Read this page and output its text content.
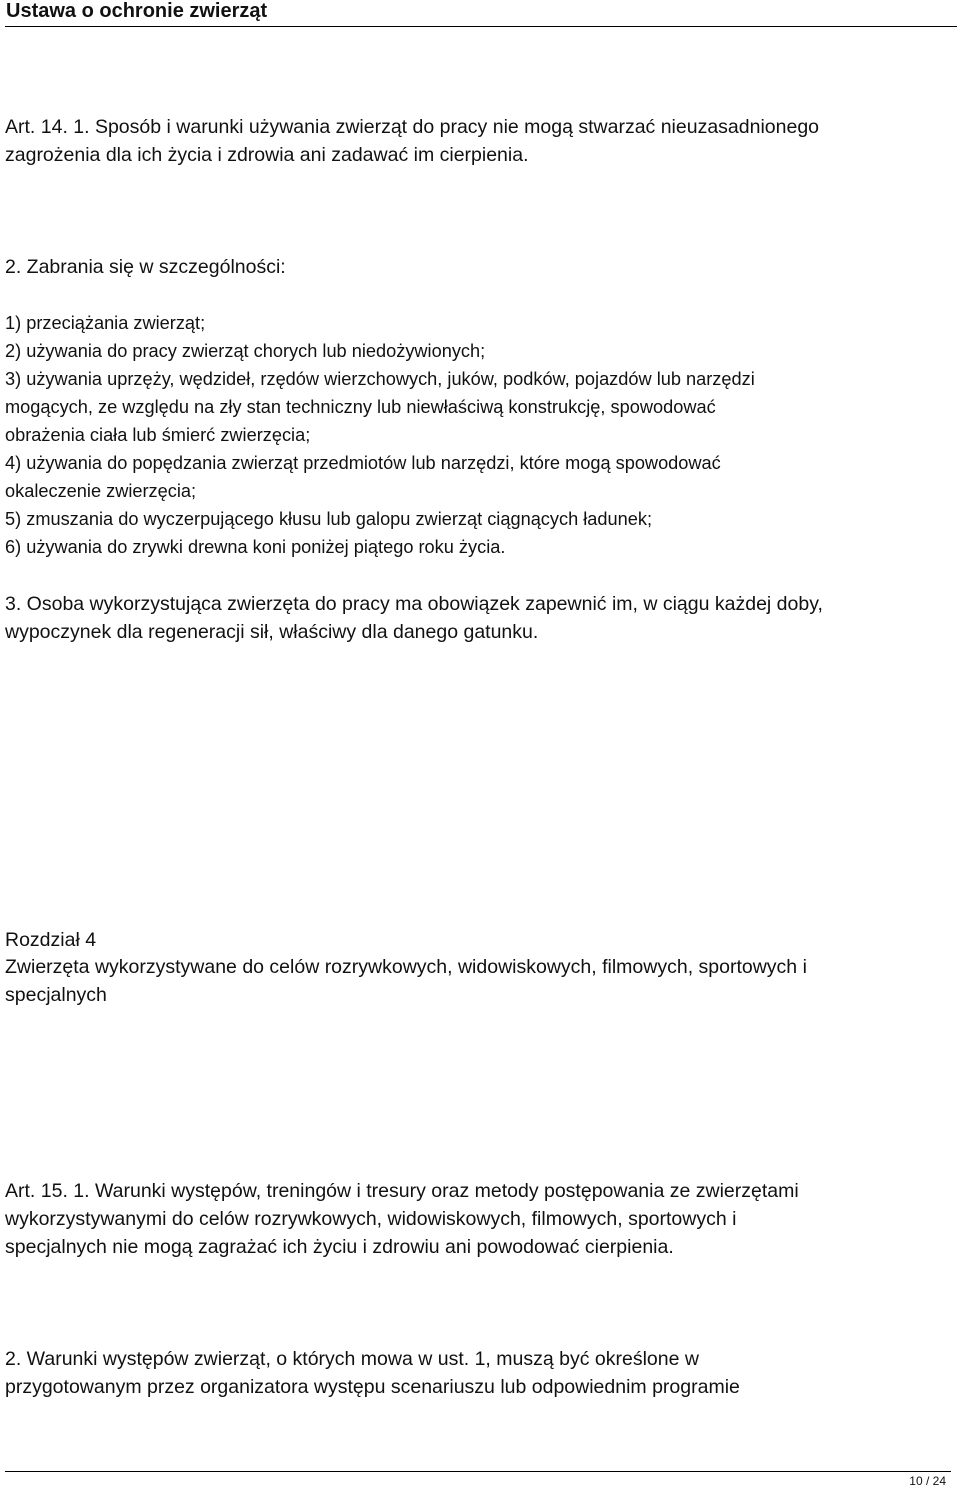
Ustawa o ochronie zwierząt
Art. 14. 1. Sposób i warunki używania zwierząt do pracy nie mogą stwarzać nieuzasadnionego
zagrożenia dla ich życia i zdrowia ani zadawać im cierpienia.
2. Zabrania się w szczególności:
1) przeciążania zwierząt;
2) używania do pracy zwierząt chorych lub niedożywionych;
3) używania uprzęży, wędzideł, rzędów wierzchowych, juków, podków, pojazdów lub narzędzi
mogących, ze względu na zły stan techniczny lub niewłaściwą konstrukcję, spowodować
obrażenia ciała lub śmierć zwierzęcia;
4) używania do popędzania zwierząt przedmiotów lub narzędzi, które mogą spowodować
okaleczenie zwierzęcia;
5) zmuszania do wyczerpującego kłusu lub galopu zwierząt ciągnących ładunek;
6) używania do zrywki drewna koni poniżej piątego roku życia.
3. Osoba wykorzystująca zwierzęta do pracy ma obowiązek zapewnić im, w ciągu każdej doby,
wypoczynek dla regeneracji sił, właściwy dla danego gatunku.
Rozdział 4
Zwierzęta wykorzystywane do celów rozrywkowych, widowiskowych, filmowych, sportowych i
specjalnych
Art. 15. 1. Warunki występów, treningów i tresury oraz metody postępowania ze zwierzętami
wykorzystywanymi do celów rozrywkowych, widowiskowych, filmowych, sportowych i
specjalnych nie mogą zagrażać ich życiu i zdrowiu ani powodować cierpienia.
2. Warunki występów zwierząt, o których mowa w ust. 1, muszą być określone w
przygotowanym przez organizatora występu scenariuszu lub odpowiednim programie
10 / 24
